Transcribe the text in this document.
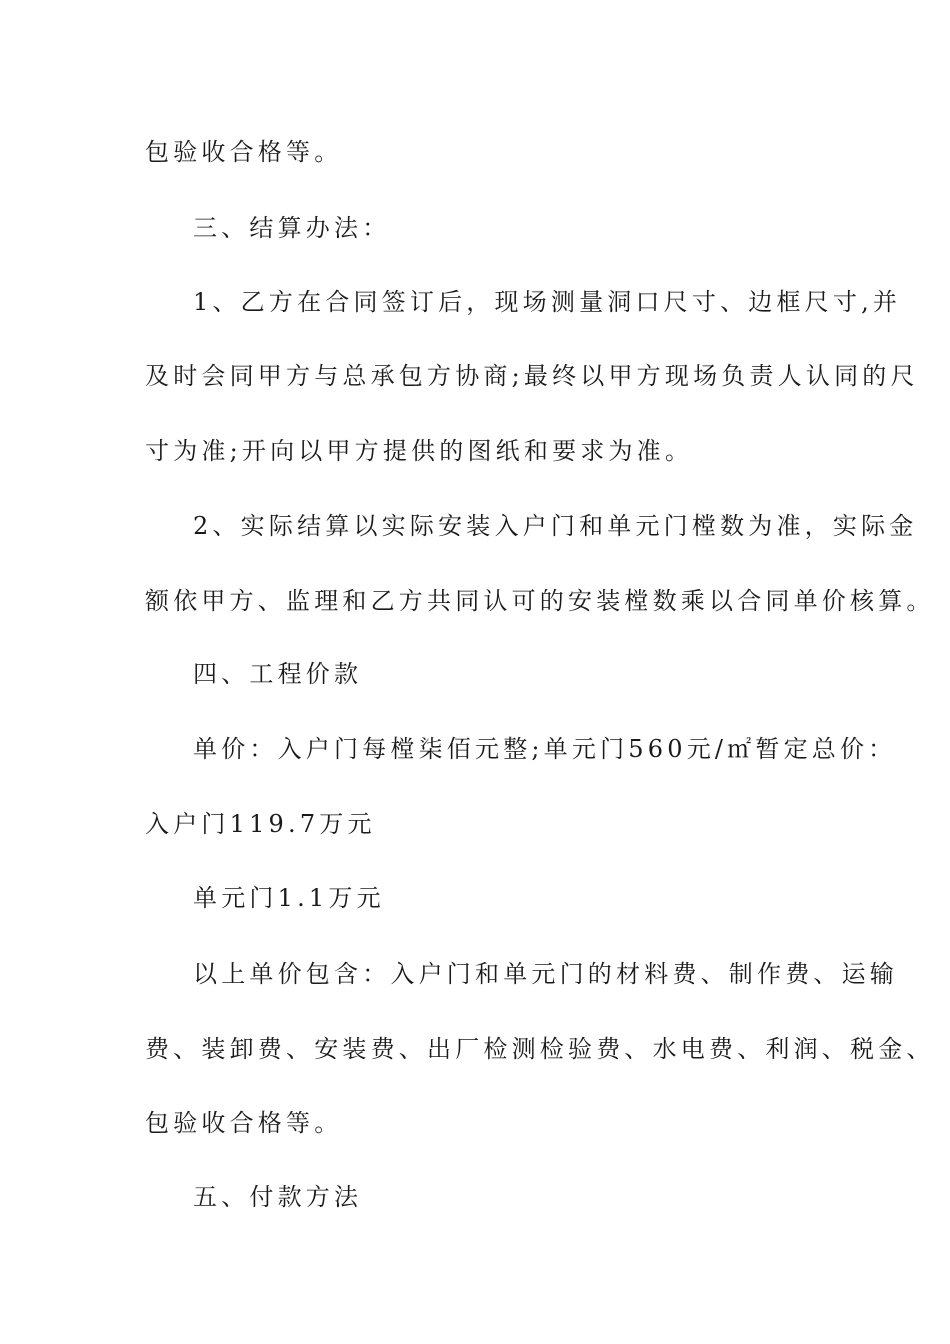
包验收合格等。
三、结算办法：
1、乙方在合同签订后，现场测量洞口尺寸、边框尺寸,并
及时会同甲方与总承包方协商;最终以甲方现场负责人认同的尺
寸为准;开向以甲方提供的图纸和要求为准。
2、实际结算以实际安装入户门和单元门樘数为准，实际金
额依甲方、监理和乙方共同认可的安装樘数乘以合同单价核算。
四、工程价款
单价：入户门每樘柒佰元整;单元门560元/㎡暂定总价：
入户门119.7万元
单元门1.1万元
以上单价包含：入户门和单元门的材料费、制作费、运输
费、装卸费、安装费、出厂检测检验费、水电费、利润、税金、
包验收合格等。
五、付款方法
